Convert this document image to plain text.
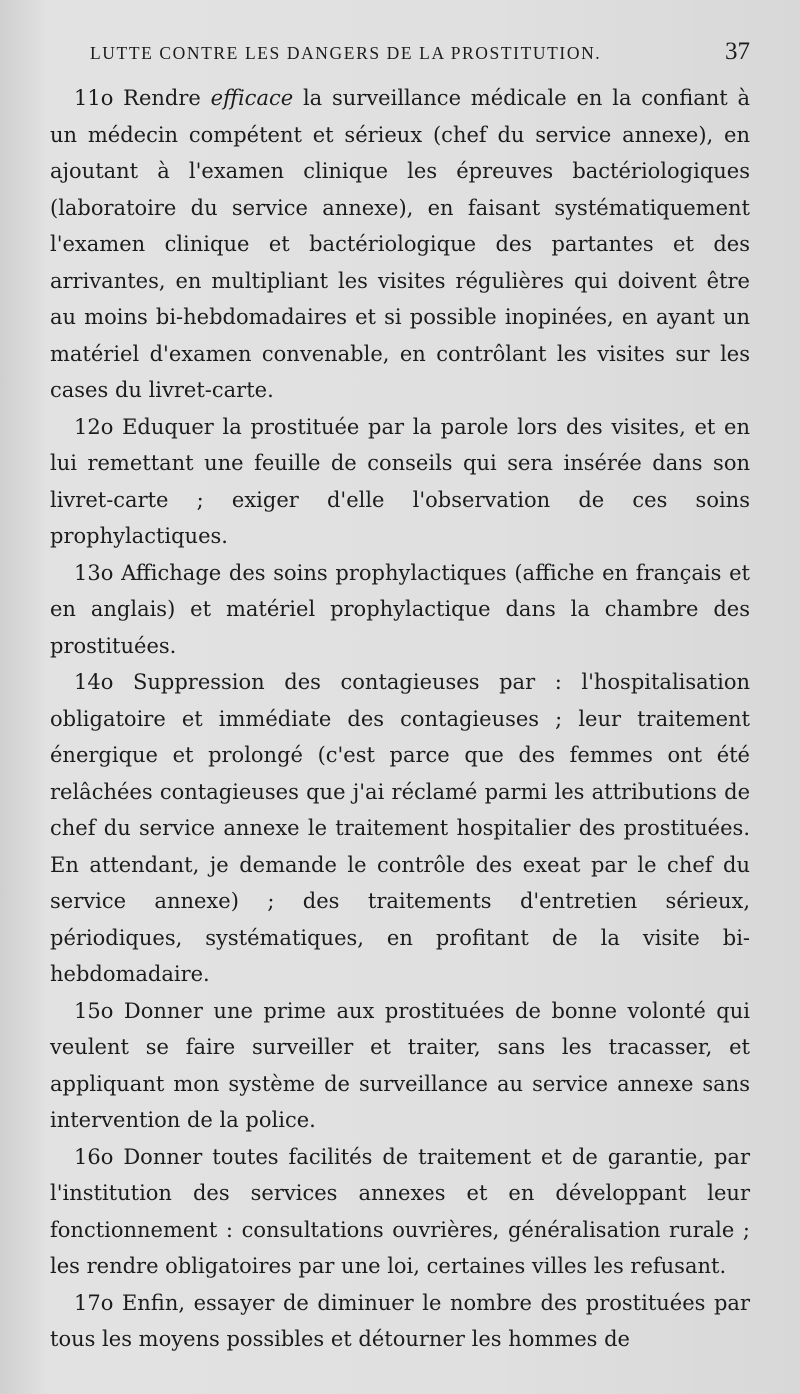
LUTTE CONTRE LES DANGERS DE LA PROSTITUTION.	37

11o Rendre efficace la surveillance médicale en la confiant à un médecin compétent et sérieux (chef du service annexe), en ajoutant à l'examen clinique les épreuves bactériologiques (laboratoire du service annexe), en faisant systématiquement l'examen clinique et bactériologique des partantes et des arrivantes, en multipliant les visites régulières qui doivent être au moins bi-hebdomadaires et si possible inopinées, en ayant un matériel d'examen convenable, en contrôlant les visites sur les cases du livret-carte.

12o Eduquer la prostituée par la parole lors des visites, et en lui remettant une feuille de conseils qui sera insérée dans son livret-carte ; exiger d'elle l'observation de ces soins prophylactiques.

13o Affichage des soins prophylactiques (affiche en français et en anglais) et matériel prophylactique dans la chambre des prostituées.

14o Suppression des contagieuses par : l'hospitalisation obligatoire et immédiate des contagieuses ; leur traitement énergique et prolongé (c'est parce que des femmes ont été relâchées contagieuses que j'ai réclamé parmi les attributions de chef du service annexe le traitement hospitalier des prostituées. En attendant, je demande le contrôle des exeat par le chef du service annexe) ; des traitements d'entretien sérieux, périodiques, systématiques, en profitant de la visite bi-hebdomadaire.

15o Donner une prime aux prostituées de bonne volonté qui veulent se faire surveiller et traiter, sans les tracasser, et appliquant mon système de surveillance au service annexe sans intervention de la police.

16o Donner toutes facilités de traitement et de garantie, par l'institution des services annexes et en développant leur fonctionnement : consultations ouvrières, généralisation rurale ; les rendre obligatoires par une loi, certaines villes les refusant.

17o Enfin, essayer de diminuer le nombre des prostituées par tous les moyens possibles et détourner les hommes de
